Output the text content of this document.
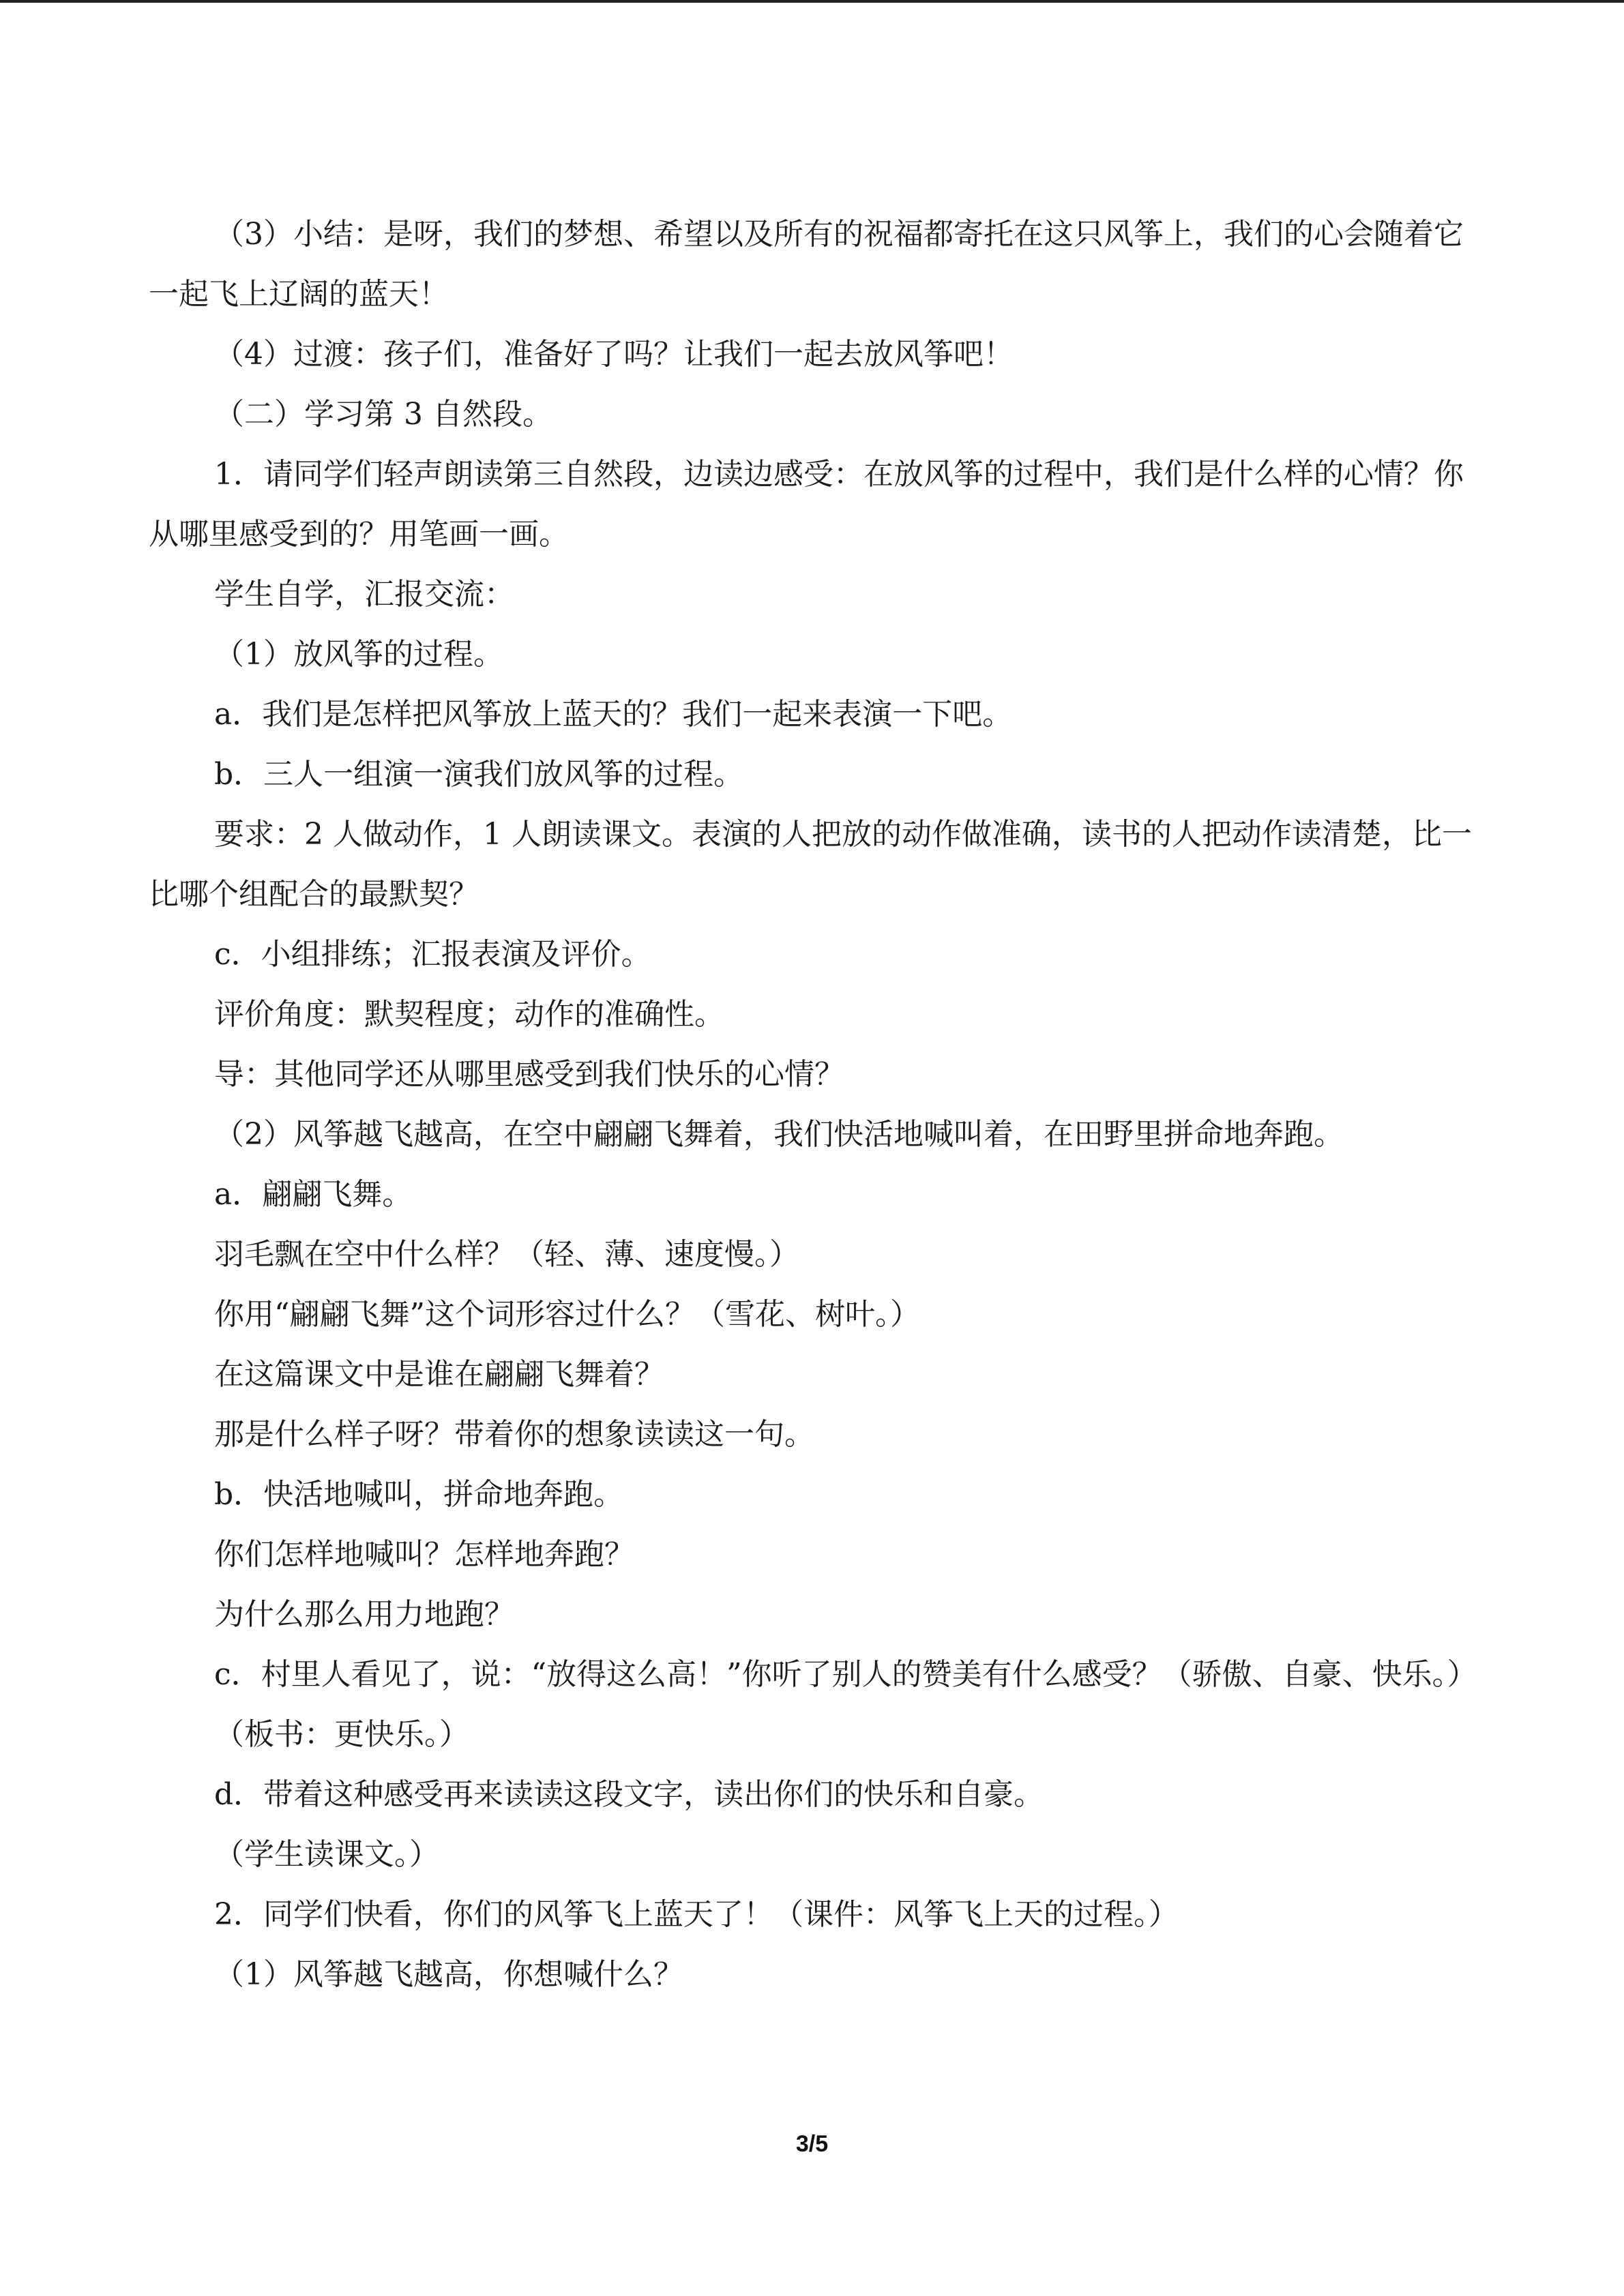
（3）小结：是呀，我们的梦想、希望以及所有的祝福都寄托在这只风筝上，我们的心会随着它一起飞上辽阔的蓝天！

（4）过渡：孩子们，准备好了吗？让我们一起去放风筝吧！

（二）学习第 3 自然段。

1．请同学们轻声朗读第三自然段，边读边感受：在放风筝的过程中，我们是什么样的心情？你从哪里感受到的？用笔画一画。

学生自学，汇报交流：

（1）放风筝的过程。

a．我们是怎样把风筝放上蓝天的？我们一起来表演一下吧。

b．三人一组演一演我们放风筝的过程。

要求：2 人做动作，1 人朗读课文。表演的人把放的动作做准确，读书的人把动作读清楚，比一比哪个组配合的最默契？

c．小组排练；汇报表演及评价。

评价角度：默契程度；动作的准确性。

导：其他同学还从哪里感受到我们快乐的心情？

（2）风筝越飞越高，在空中翩翩飞舞着，我们快活地喊叫着，在田野里拼命地奔跑。

a．翩翩飞舞。

羽毛飘在空中什么样？（轻、薄、速度慢。）

你用“翩翩飞舞”这个词形容过什么？（雪花、树叶。）

在这篇课文中是谁在翩翩飞舞着？

那是什么样子呀？带着你的想象读读这一句。

b．快活地喊叫，拼命地奔跑。

你们怎样地喊叫？怎样地奔跑？

为什么那么用力地跑？

c．村里人看见了，说：“放得这么高！”你听了别人的赞美有什么感受？（骄傲、自豪、快乐。）

（板书：更快乐。）

d．带着这种感受再来读读这段文字，读出你们的快乐和自豪。

（学生读课文。）

2．同学们快看，你们的风筝飞上蓝天了！（课件：风筝飞上天的过程。）

（1）风筝越飞越高，你想喊什么？

3/5
